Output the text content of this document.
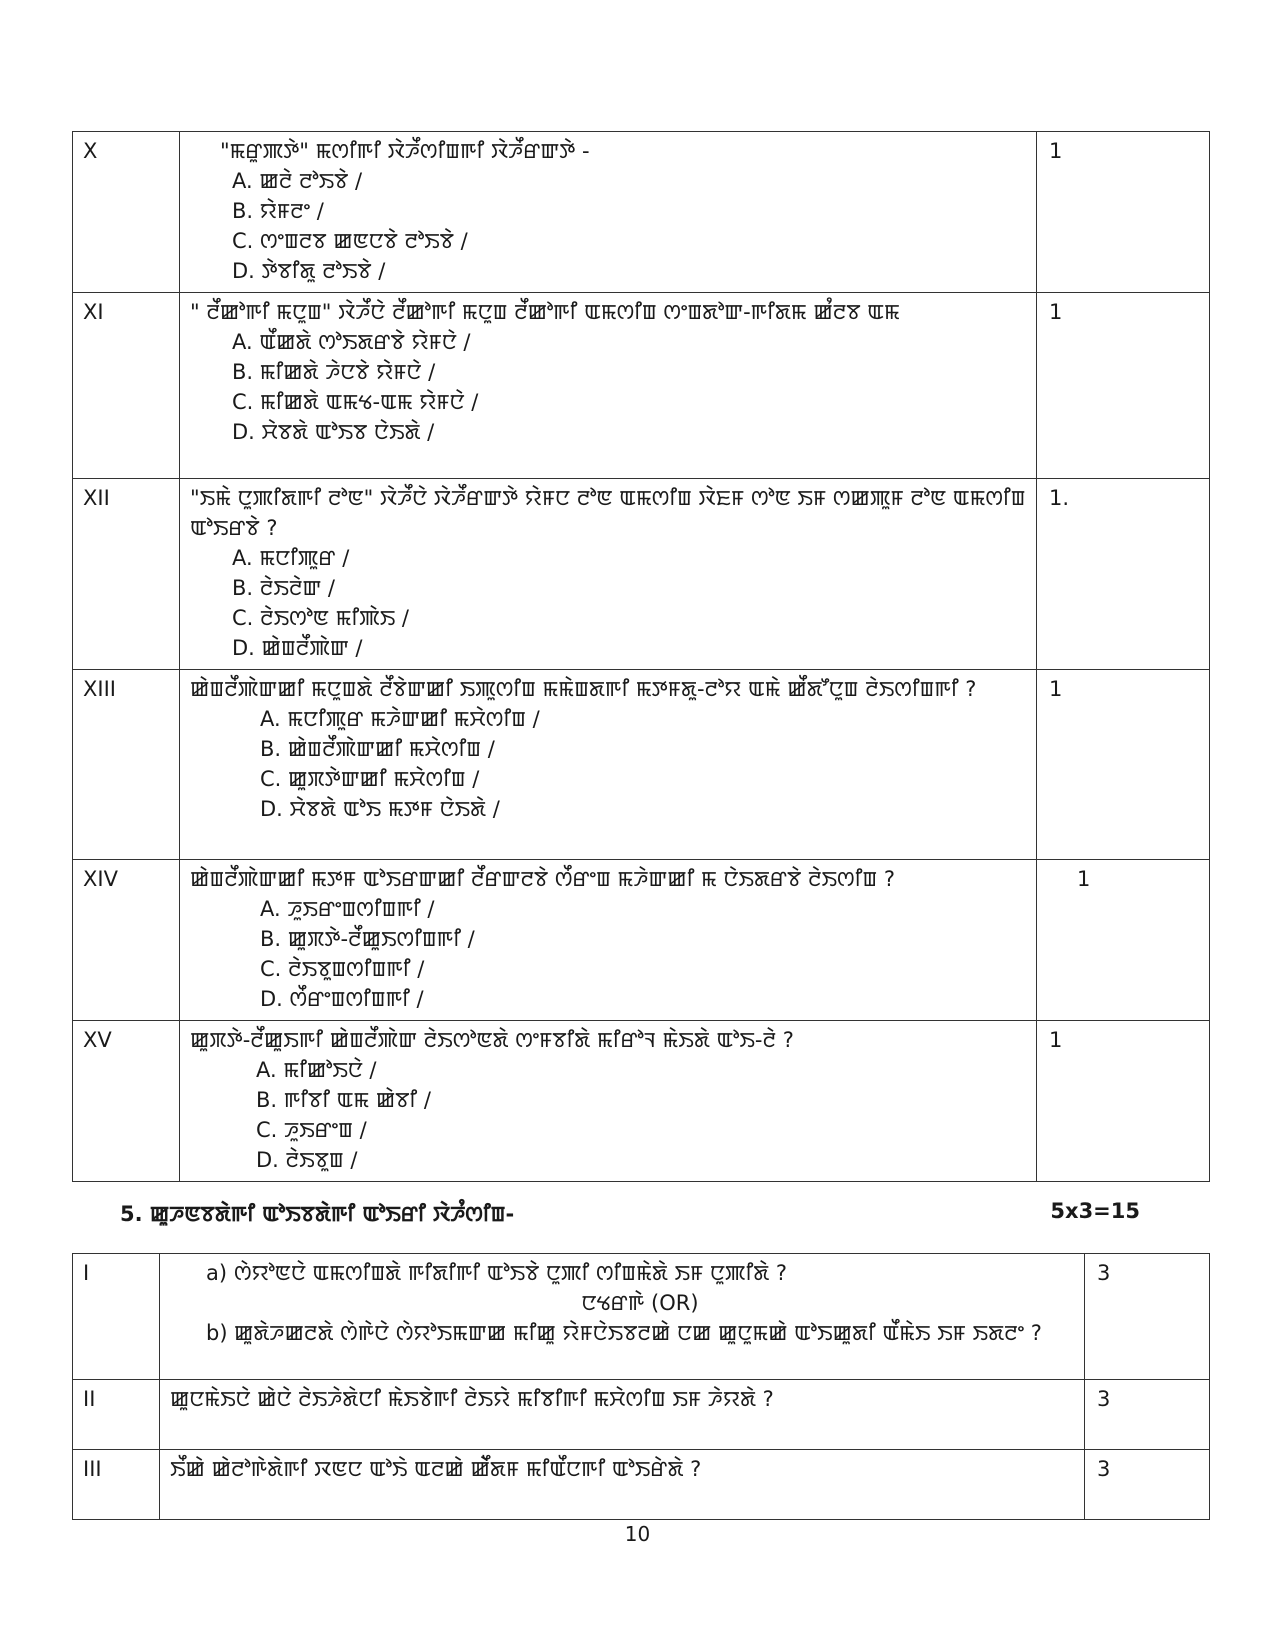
X	"ꯃꯔꯨꯄꯇꯥ" ꯃꯁꯤꯒꯤ ꯋꯥꯍꯩꯁꯤꯡꯒꯤ ꯋꯥꯍꯩꯔꯛꯇꯥ -
A. ꯀꯂꯥ ꯂꯣꯏꯕꯥ /
B. ꯌꯥꯝꯂꯦ /
C. ꯁꯦꯡꯂꯕ ꯀꯟꯅꯕꯥ ꯂꯣꯏꯕꯥ /
D. ꯇꯥꯕꯤꯗꯨ ꯂꯣꯏꯕꯥ /	1
XI	" ꯂꯩꯀꯣꯒꯤ ꯃꯅꯨꯡ" ꯋꯥꯍꯩꯅꯥ ꯂꯩꯀꯣꯒꯤ ꯃꯅꯨꯡ ꯂꯩꯀꯣꯒꯤ ꯑꯃꯁꯤꯡ ꯁꯦꯡꯗꯣꯛ-ꯒꯤꯗꯃ ꯀꯪꯂꯕ ꯑꯃ
A. ꯑꯩꯀꯗꯥ ꯁꯣꯏꯗꯔꯕꯥ ꯌꯥꯝꯅꯥ /
B. ꯃꯤꯀꯗꯥ ꯍꯥꯅꯕꯥ ꯌꯥꯝꯅꯥ /
C. ꯃꯤꯀꯗꯥ ꯑꯃꯠ-ꯑꯃ ꯌꯥꯝꯅꯥ /
D. ꯆꯥꯕꯗꯥ ꯑꯣꯏꯕ ꯅꯥꯏꯗꯥ /	1
XII	"ꯏꯃꯥ ꯅꯨꯄꯤꯗꯒꯤ ꯂꯣꯟ" ꯋꯥꯍꯩꯅꯥ ꯋꯥꯍꯩꯔꯛꯇꯥ ꯌꯥꯝꯅ ꯂꯣꯟ ꯑꯃꯁꯤꯡ ꯋꯥꯐꯝ ꯁꯣꯟ ꯏꯝ ꯁꯀꯄꯨꯝ ꯂꯣꯟ ꯑꯃꯁꯤꯡ ꯑꯣꯏꯔꯕꯥ ?
A. ꯃꯅꯤꯄꯨꯔ /
B. ꯂꯥꯏꯂꯥꯛ /
C. ꯂꯥꯏꯁꯣꯟ ꯃꯤꯄꯥꯏ /
D. ꯀꯥꯡꯂꯩꯄꯥꯛ /	1.
XIII	ꯀꯥꯡꯂꯩꯄꯥꯛꯀꯤ ꯃꯅꯨꯡꯗꯥ ꯂꯩꯕꯥꯛꯀꯤ ꯏꯄꯨꯁꯤꯡ ꯃꯃꯥꯡꯗꯒꯤ ꯃꯇꯝꯗꯨ-ꯂꯣꯌ ꯑꯃꯥ ꯀꯩꯗꯧꯅꯨꯡ ꯂꯥꯏꯁꯤꯡꯒꯤ ?
A. ꯃꯅꯤꯄꯨꯔ ꯃꯍꯥꯛꯀꯤ ꯃꯆꯥꯁꯤꯡ /
B. ꯀꯥꯡꯂꯩꯄꯥꯛꯀꯤ ꯃꯆꯥꯁꯤꯡ /
C. ꯀꯨꯞꯇꯥꯛꯀꯤ ꯃꯆꯥꯁꯤꯡ /
D. ꯆꯥꯕꯗꯥ ꯑꯣꯏ ꯃꯇꯝ ꯅꯥꯏꯗꯥ /	1
XIV	ꯀꯥꯡꯂꯩꯄꯥꯛꯀꯤ ꯃꯇꯝ ꯑꯣꯏꯔꯛꯀꯤ ꯂꯩꯔꯛꯂꯕꯥ ꯁꯩꯔꯦꯡ ꯃꯍꯥꯛꯀꯤ ꯃ ꯅꯥꯏꯗꯔꯕꯥ ꯂꯥꯏꯁꯤꯡ ?
A. ꯍꯨꯏꯔꯦꯡꯁꯤꯡꯒꯤ /
B. ꯀꯨꯞꯇꯥ-ꯂꯩꯀꯨꯏꯁꯤꯡꯒꯤ /
C. ꯂꯥꯏꯕꯨꯡꯁꯤꯡꯒꯤ /
D. ꯁꯩꯔꯦꯡꯁꯤꯡꯒꯤ /	1
XV	ꯀꯨꯞꯇꯥ-ꯂꯩꯀꯨꯏꯒꯤ ꯀꯥꯡꯂꯩꯄꯥꯛ ꯂꯥꯏꯁꯣꯟꯗꯥ ꯁꯦꯝꯕꯤꯗꯥ ꯃꯤꯔꯣꯜ ꯃꯥꯏꯗꯥ ꯑꯣꯏ-ꯂꯥ ?
A. ꯃꯤꯀꯣꯏꯅꯥ /
B. ꯒꯤꯕꯤ ꯑꯃ ꯀꯥꯕꯤ /
C. ꯍꯨꯏꯔꯦꯡ /
D. ꯂꯥꯏꯕꯨꯡ /	1
5. ꯀꯨꯍꯟꯕꯗꯥꯒꯤ ꯑꯣꯏꯕꯗꯥꯒꯤ ꯑꯣꯏꯔꯤ ꯋꯥꯍꯪꯁꯤꯡ-	5x3=15
I	a) ꯁꯥꯌꯣꯟꯅꯥ ꯑꯃꯁꯤꯡꯗꯥ ꯒꯤꯗꯤꯒꯤ ꯑꯣꯏꯕꯥ ꯅꯨꯄꯤ ꯁꯤꯡꯃꯥꯗꯥ ꯏꯝ ꯅꯨꯄꯤꯗꯥ ?
ꯅꯠꯔꯒꯥ (OR)
b) ꯀꯨꯗꯥꯍꯀꯂꯗꯥ ꯁꯥꯒꯥꯅꯥ ꯁꯥꯌꯣꯏꯃꯛꯀ ꯃꯤꯀꯨ ꯌꯥꯝꯅꯥꯏꯕꯂꯀꯥ ꯅꯀ ꯀꯨꯅꯨꯃꯀꯥ ꯑꯣꯏꯀꯨꯗꯤ ꯑꯩꯃꯥꯏ ꯏꯝ ꯏꯗꯂꯦ ?	3
II	ꯀꯨꯅꯃꯥꯏꯅꯥ ꯀꯥꯅꯥ ꯂꯥꯏꯍꯥꯗꯥꯅꯤ ꯃꯥꯏꯕꯥꯒꯤ ꯂꯥꯏꯌꯥ ꯃꯤꯕꯤꯒꯤ ꯃꯆꯥꯁꯤꯡ ꯏꯝ ꯍꯥꯌꯗꯥ ?	3
III	ꯏꯩꯀꯥ ꯀꯥꯂꯣꯒꯥꯗꯥꯒꯤ ꯋꯟꯅ ꯑꯣꯏꯥ ꯑꯂꯀꯥ ꯀꯥꯩꯗꯝ ꯃꯤꯑꯩꯅꯒꯤ ꯑꯣꯏꯔꯥꯗꯥ ?	3
10
